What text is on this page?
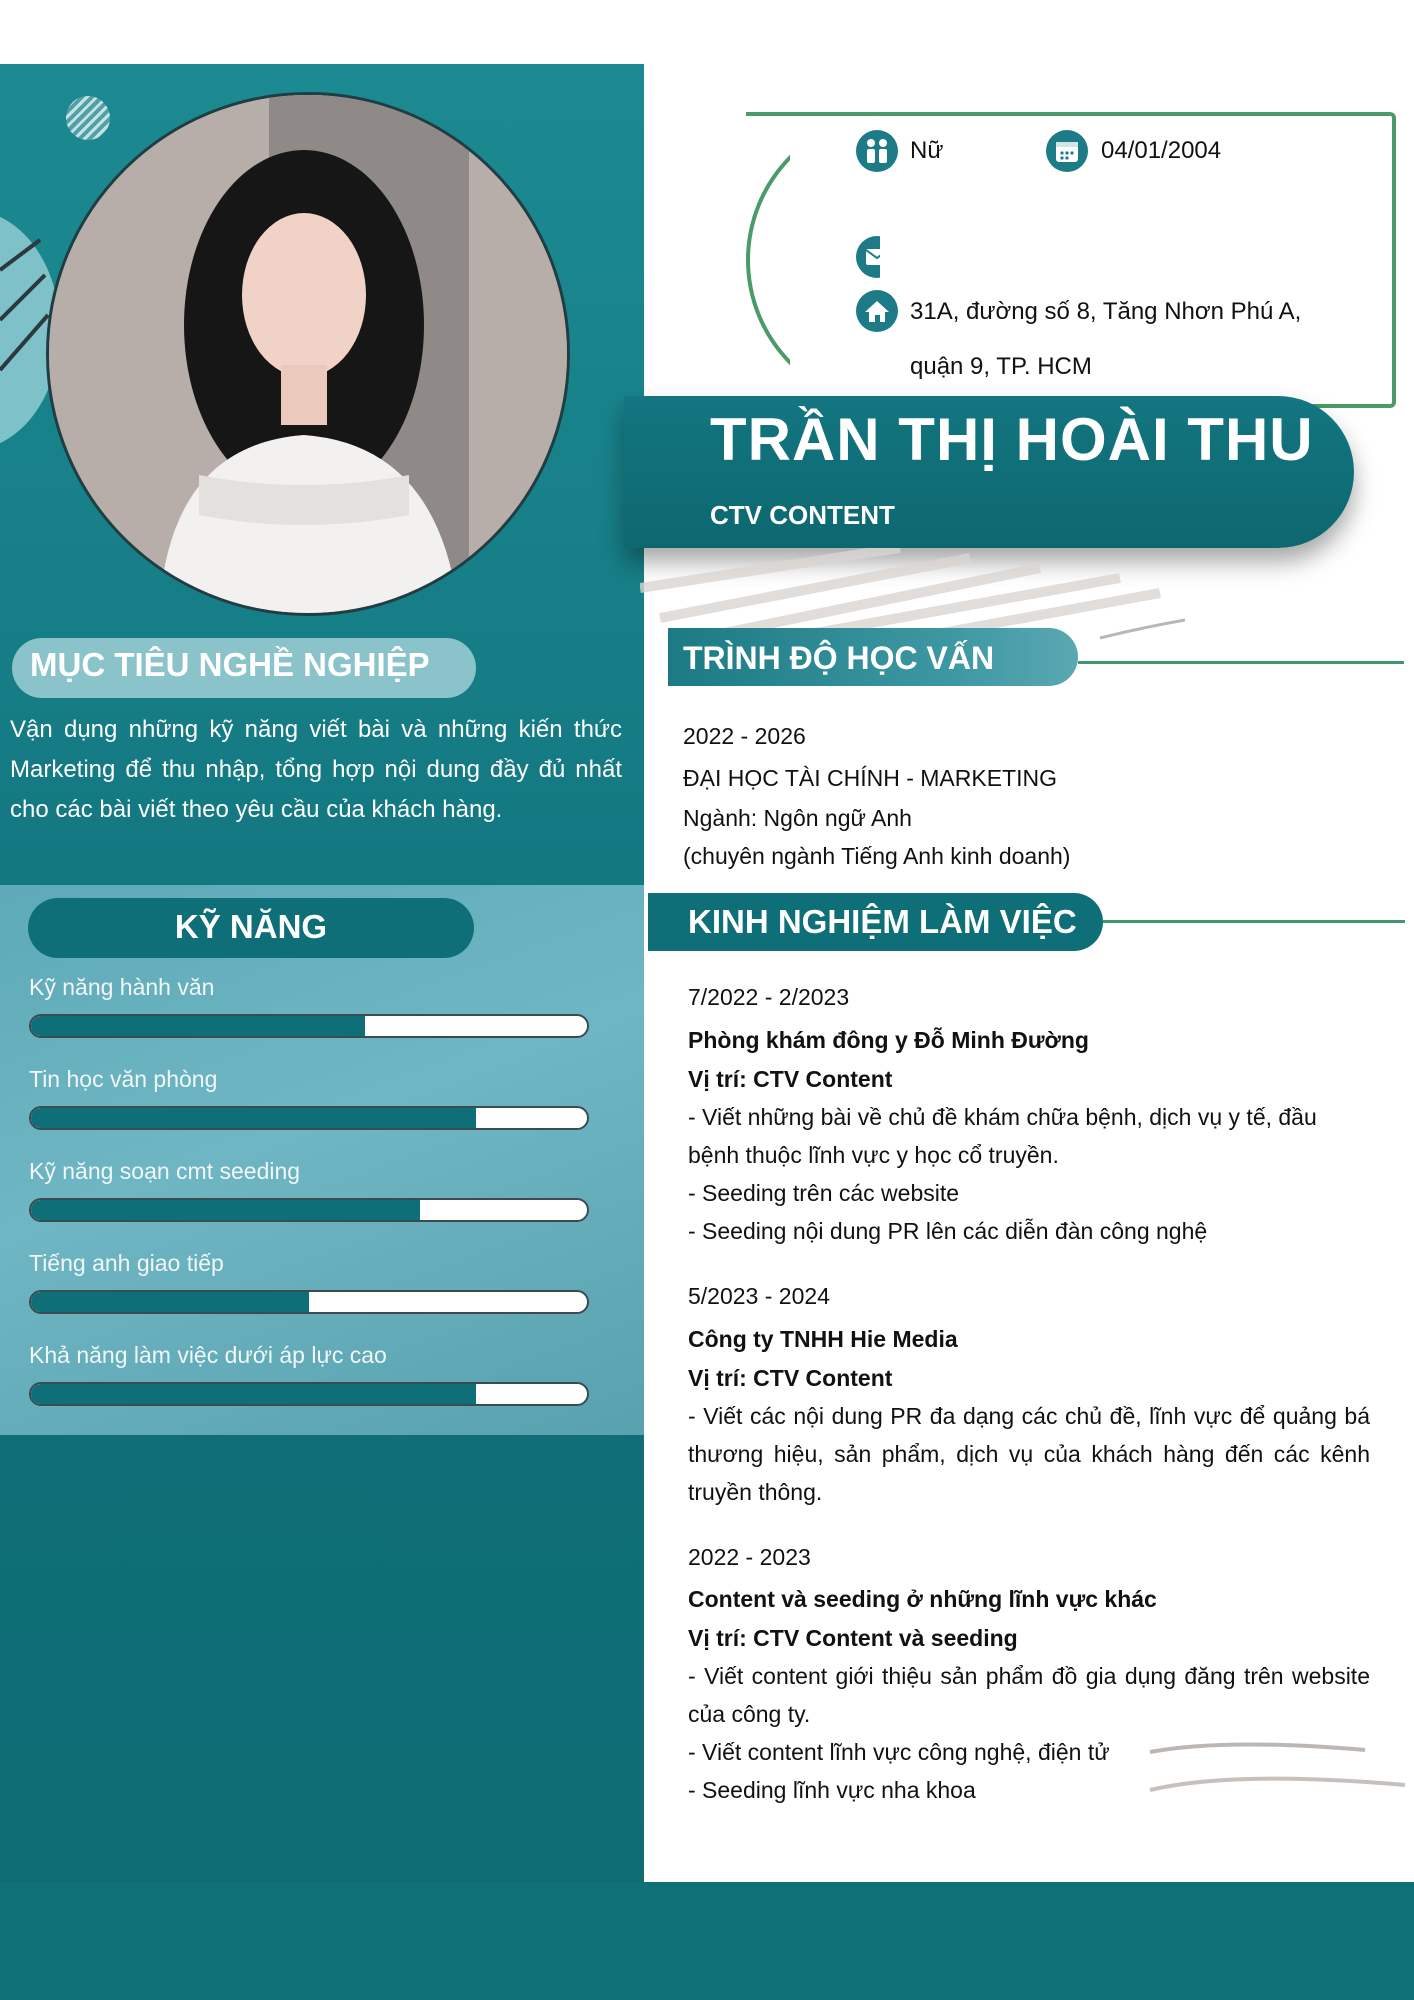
Nữ	04/01/2004
31A, đường số 8, Tăng Nhơn Phú A,
quận 9, TP. HCM
TRẦN THỊ HOÀI THU
CTV CONTENT
MỤC TIÊU NGHỀ NGHIỆP
Vận dụng những kỹ năng viết bài và những kiến thức Marketing để thu nhập, tổng hợp nội dung đầy đủ nhất cho các bài viết theo yêu cầu của khách hàng.
KỸ NĂNG
Kỹ năng hành văn
Tin học văn phòng
Kỹ năng soạn cmt seeding
Tiếng anh giao tiếp
Khả năng làm việc dưới áp lực cao
TRÌNH ĐỘ HỌC VẤN
2022 - 2026
ĐẠI HỌC TÀI CHÍNH - MARKETING
Ngành: Ngôn ngữ Anh
(chuyên ngành Tiếng Anh kinh doanh)
KINH NGHIỆM LÀM VIỆC
7/2022 - 2/2023
Phòng khám đông y Đỗ Minh Đường
Vị trí: CTV Content
- Viết những bài về chủ đề khám chữa bệnh, dịch vụ y tế, đầu bệnh thuộc lĩnh vực y học cổ truyền.
- Seeding trên các website
- Seeding nội dung PR lên các diễn đàn công nghệ
5/2023 - 2024
Công ty TNHH Hie Media
Vị trí: CTV Content
- Viết các nội dung PR đa dạng các chủ đề, lĩnh vực để quảng bá thương hiệu, sản phẩm, dịch vụ của khách hàng đến các kênh truyền thông.
2022 - 2023
Content và seeding ở những lĩnh vực khác
Vị trí: CTV Content và seeding
- Viết content giới thiệu sản phẩm đồ gia dụng đăng trên website của công ty.
- Viết content lĩnh vực công nghệ, điện tử
- Seeding lĩnh vực nha khoa
